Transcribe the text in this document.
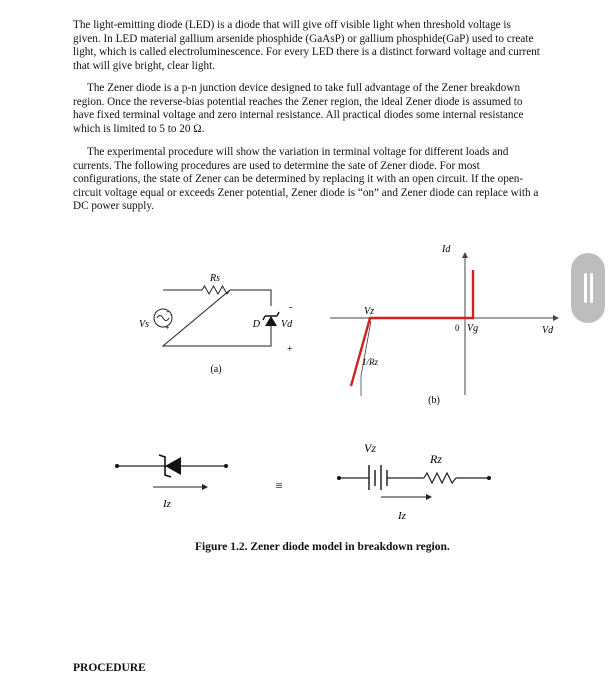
The light-emitting diode (LED) is a diode that will give off visible light when threshold voltage is given. In LED material gallium arsenide phosphide (GaAsP) or gallium phosphide(GaP) used to create light, which is called electroluminescence. For every LED there is a distinct forward voltage and current that will give bright, clear light.

The Zener diode is a p-n junction device designed to take full advantage of the Zener breakdown region. Once the reverse-bias potential reaches the Zener region, the ideal Zener diode is assumed to have fixed terminal voltage and zero internal resistance. All practical diodes some internal resistance which is limited to 5 to 20 Ω.

The experimental procedure will show the variation in terminal voltage for different loads and currents. The following procedures are used to determine the sate of Zener diode. For most configurations, the state of Zener can be determined by replacing it with an open circuit. If the open-circuit voltage equal or exceeds Zener potential, Zener diode is “on” and Zener diode can replace with a DC power supply.

Rs
Vs	D Vd
-
+
-
+
(a)
Id
Vz
0 Vg	Vd
1/Rz
(b)
Iz
≡
Vz
Rz
Iz
Figure 1.2. Zener diode model in breakdown region.
PROCEDURE
